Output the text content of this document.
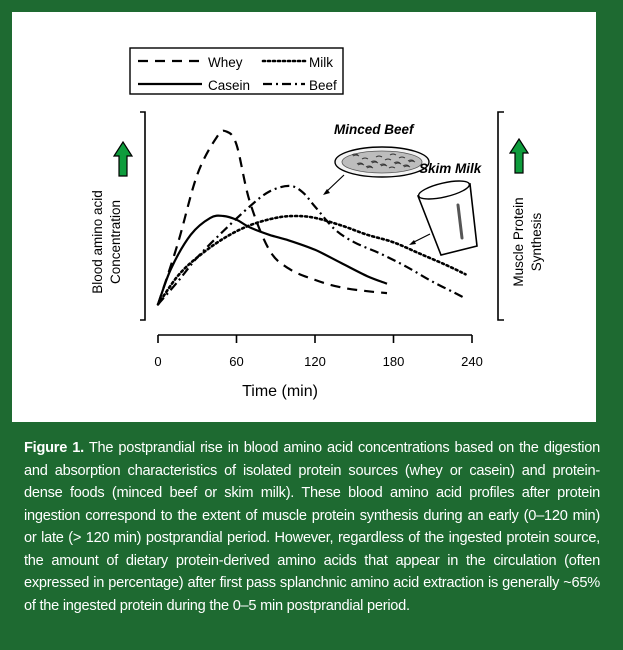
Minced Beef
Skim Milk
Whey
Casein
Milk
Beef
0	60	120	180	240
Time (min)
Blood amino acid Concentration	Muscle Protein Synthesis
Figure 1. The postprandial rise in blood amino acid concentrations based on the digestion and absorption characteristics of isolated protein sources (whey or casein) and protein-dense foods (minced beef or skim milk). These blood amino acid profiles after protein ingestion correspond to the extent of muscle protein synthesis during an early (0–120 min) or late (> 120 min) postprandial period. However, regardless of the ingested protein source, the amount of dietary protein-derived amino acids that appear in the circulation (often expressed in percentage) after first pass splanchnic amino acid extraction is generally ~65% of the ingested protein during the 0–5 min postprandial period.
